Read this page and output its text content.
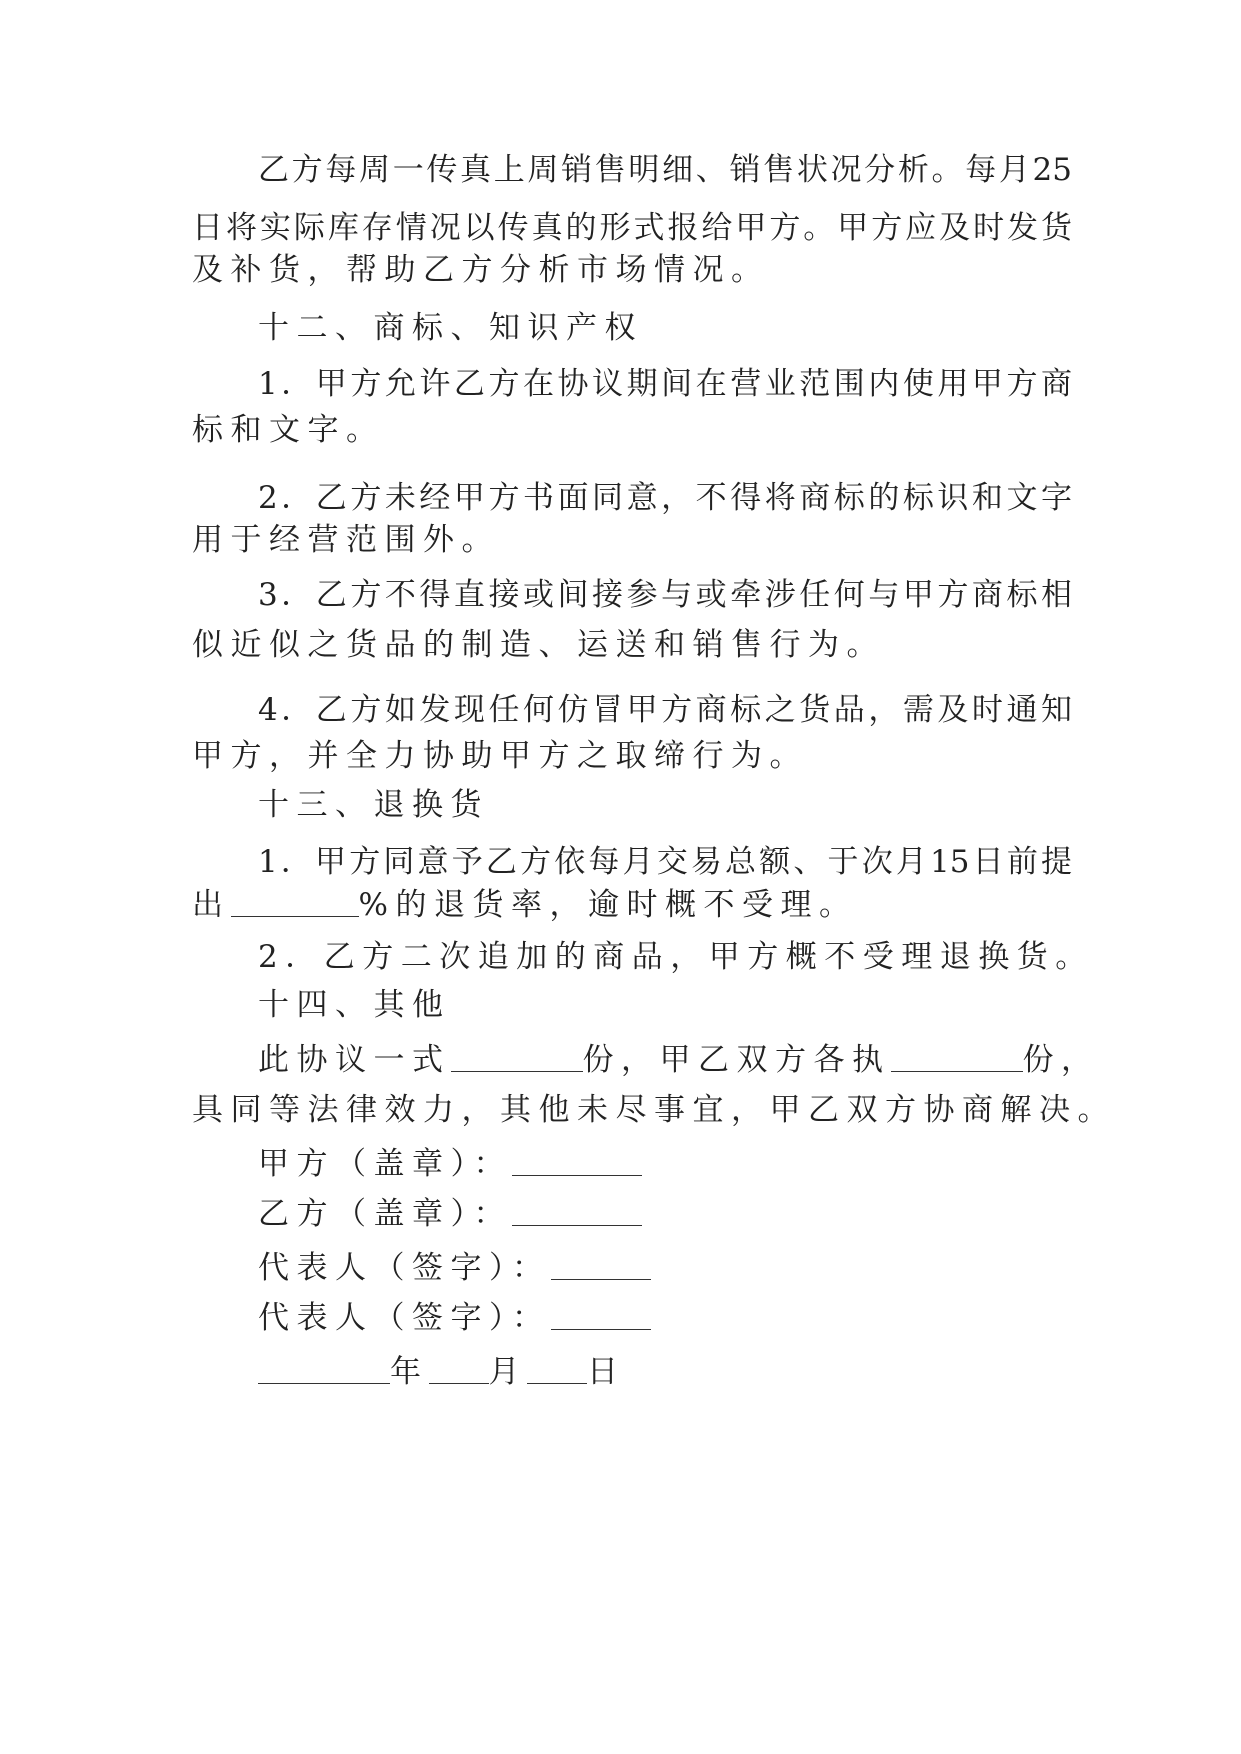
乙方每周一传真上周销售明细、销售状况分析。每月25
日将实际库存情况以传真的形式报给甲方。甲方应及时发货
及补货，帮助乙方分析市场情况。
十二、商标、知识产权
1．甲方允许乙方在协议期间在营业范围内使用甲方商
标和文字。
2．乙方未经甲方书面同意，不得将商标的标识和文字
用于经营范围外。
3．乙方不得直接或间接参与或牵涉任何与甲方商标相
似近似之货品的制造、运送和销售行为。
4．乙方如发现任何仿冒甲方商标之货品，需及时通知
甲方，并全力协助甲方之取缔行为。
十三、退换货
1．甲方同意予乙方依每月交易总额、于次月15日前提
出	%的退货率，逾时概不受理。
2．乙方二次追加的商品，甲方概不受理退换货。
十四、其他
此协议一式	份，甲乙双方各执	份，
具同等法律效力，其他未尽事宜，甲乙双方协商解决。
甲方（盖章）：
乙方（盖章）：
代表人（签字）：
代表人（签字）：
年 月 日
